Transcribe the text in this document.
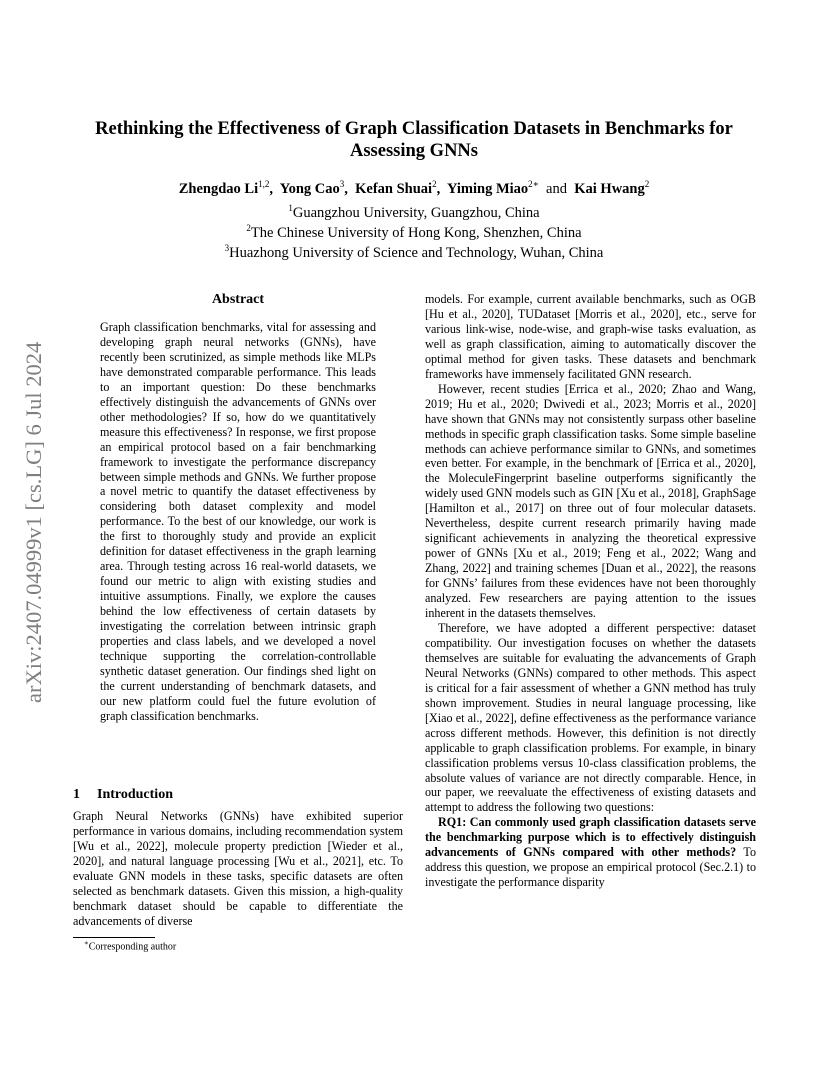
arXiv:2407.04999v1 [cs.LG] 6 Jul 2024
Rethinking the Effectiveness of Graph Classification Datasets in Benchmarks for Assessing GNNs
Zhengdao Li$^{1,2}$,  Yong Cao$^3$,  Kefan Shuai$^2$,  Yiming Miao$^{2∗}$ and Kai Hwang$^2$
$^1$Guangzhou University, Guangzhou, China
$^2$The Chinese University of Hong Kong, Shenzhen, China
$^3$Huazhong University of Science and Technology, Wuhan, China
Abstract

Graph classification benchmarks, vital for assessing and developing graph neural networks (GNNs), have recently been scrutinized, as simple methods like MLPs have demonstrated comparable performance. This leads to an important question: Do these benchmarks effectively distinguish the advancements of GNNs over other methodologies? If so, how do we quantitatively measure this effectiveness? In response, we first propose an empirical protocol based on a fair benchmarking framework to investigate the performance discrepancy between simple methods and GNNs. We further propose a novel metric to quantify the dataset effectiveness by considering both dataset complexity and model performance. To the best of our knowledge, our work is the first to thoroughly study and provide an explicit definition for dataset effectiveness in the graph learning area. Through testing across 16 real-world datasets, we found our metric to align with existing studies and intuitive assumptions. Finally, we explore the causes behind the low effectiveness of certain datasets by investigating the correlation between intrinsic graph properties and class labels, and we developed a novel technique supporting the correlation-controllable synthetic dataset generation. Our findings shed light on the current understanding of benchmark datasets, and our new platform could fuel the future evolution of graph classification benchmarks.

1 Introduction

Graph Neural Networks (GNNs) have exhibited superior performance in various domains, including recommendation system [Wu et al., 2022], molecule property prediction [Wieder et al., 2020], and natural language processing [Wu et al., 2021], etc. To evaluate GNN models in these tasks, specific datasets are often selected as benchmark datasets. Given this mission, a high-quality benchmark dataset should be capable to differentiate the advancements of diverse

∗Corresponding author

models. For example, current available benchmarks, such as OGB [Hu et al., 2020], TUDataset [Morris et al., 2020], etc., serve for various link-wise, node-wise, and graph-wise tasks evaluation, as well as graph classification, aiming to automatically discover the optimal method for given tasks. These datasets and benchmark frameworks have immensely facilitated GNN research.

However, recent studies [Errica et al., 2020; Zhao and Wang, 2019; Hu et al., 2020; Dwivedi et al., 2023; Morris et al., 2020] have shown that GNNs may not consistently surpass other baseline methods in specific graph classification tasks. Some simple baseline methods can achieve performance similar to GNNs, and sometimes even better. For example, in the benchmark of [Errica et al., 2020], the MoleculeFingerprint baseline outperforms significantly the widely used GNN models such as GIN [Xu et al., 2018], GraphSage [Hamilton et al., 2017] on three out of four molecular datasets. Nevertheless, despite current research primarily having made significant achievements in analyzing the theoretical expressive power of GNNs [Xu et al., 2019; Feng et al., 2022; Wang and Zhang, 2022] and training schemes [Duan et al., 2022], the reasons for GNNs’ failures from these evidences have not been thoroughly analyzed. Few researchers are paying attention to the issues inherent in the datasets themselves.

Therefore, we have adopted a different perspective: dataset compatibility. Our investigation focuses on whether the datasets themselves are suitable for evaluating the advancements of Graph Neural Networks (GNNs) compared to other methods. This aspect is critical for a fair assessment of whether a GNN method has truly shown improvement. Studies in neural language processing, like [Xiao et al., 2022], define effectiveness as the performance variance across different methods. However, this definition is not directly applicable to graph classification problems. For example, in binary classification problems versus 10-class classification problems, the absolute values of variance are not directly comparable. Hence, in our paper, we reevaluate the effectiveness of existing datasets and attempt to address the following two questions:

RQ1: Can commonly used graph classification datasets serve the benchmarking purpose which is to effectively distinguish advancements of GNNs compared with other methods? To address this question, we propose an empirical protocol (Sec.2.1) to investigate the performance disparity
